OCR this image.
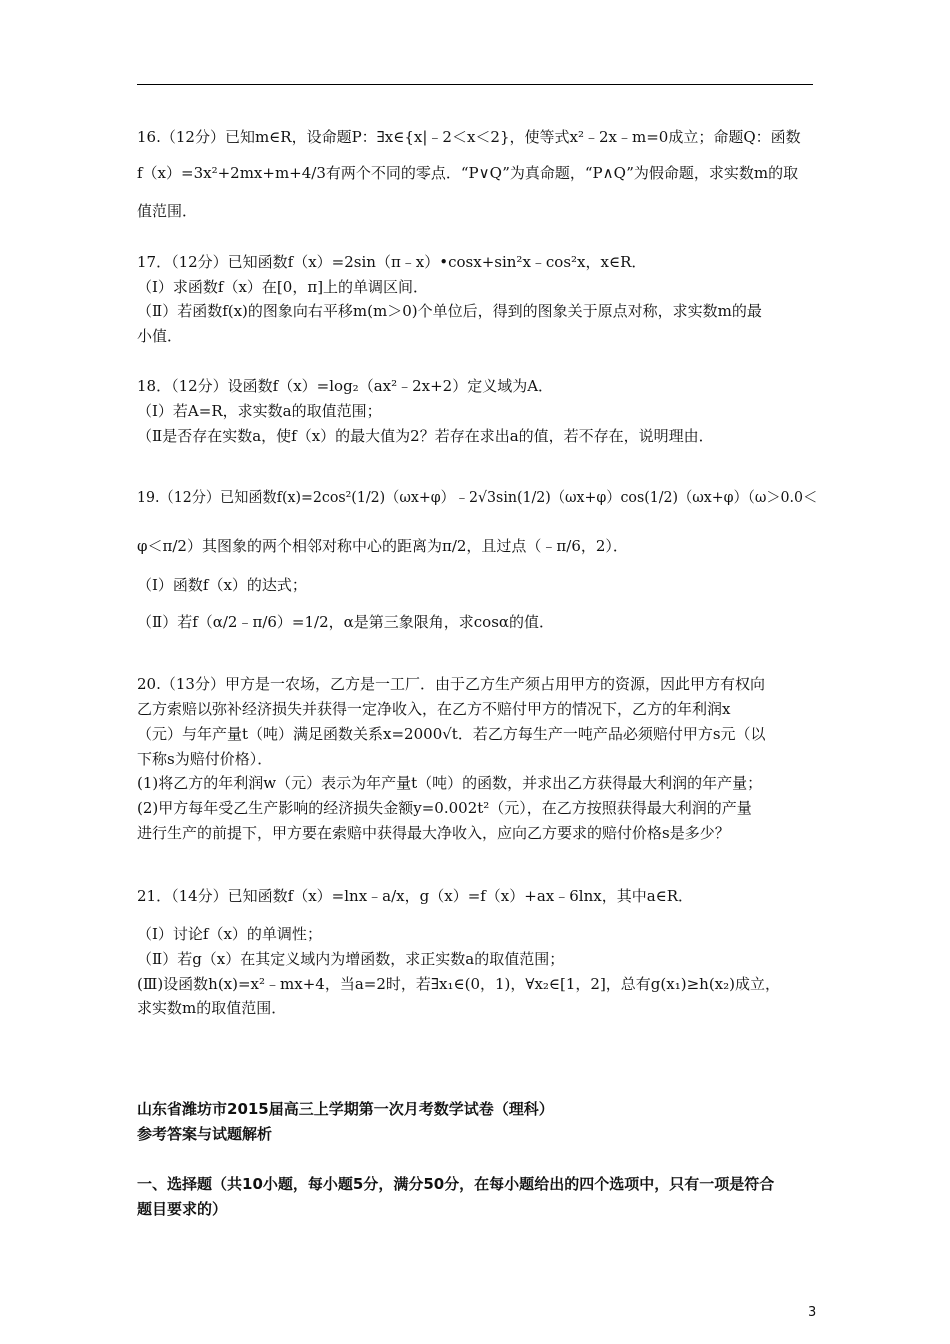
16.（12分）已知m∈R，设命题P：∃x∈{x|﹣2＜x＜2}，使等式x²﹣2x﹣m=0成立；命题Q：函数
f（x）=3x²+2mx+m+4/3有两个不同的零点．“P∨Q”为真命题，“P∧Q”为假命题，求实数m的取
值范围．
17．（12分）已知函数f（x）=2sin（π﹣x）•cosx+sin²x﹣cos²x，x∈R．
（Ⅰ）求函数f（x）在[0，π]上的单调区间．
（Ⅱ）若函数f(x)的图象向右平移m(m＞0)个单位后，得到的图象关于原点对称，求实数m的最
小值．
18．（12分）设函数f（x）=log₂（ax²﹣2x+2）定义域为A．
（Ⅰ）若A=R，求实数a的取值范围；
（Ⅱ是否存在实数a，使f（x）的最大值为2？若存在求出a的值，若不存在，说明理由．
19.（12分）已知函数f(x)=2cos²(1/2)（ωx+φ）﹣2√3sin(1/2)（ωx+φ）cos(1/2)（ωx+φ）（ω＞0.0＜
φ＜π/2）其图象的两个相邻对称中心的距离为π/2，且过点（﹣π/6，2）．
（Ⅰ）函数f（x）的达式；
（Ⅱ）若f（α/2﹣π/6）=1/2，α是第三象限角，求cosα的值．
20.（13分）甲方是一农场，乙方是一工厂．由于乙方生产须占用甲方的资源，因此甲方有权向
乙方索赔以弥补经济损失并获得一定净收入，在乙方不赔付甲方的情况下，乙方的年利润x
（元）与年产量t（吨）满足函数关系x=2000√t．若乙方每生产一吨产品必须赔付甲方s元（以
下称s为赔付价格）．
(1)将乙方的年利润w（元）表示为年产量t（吨）的函数，并求出乙方获得最大利润的年产量；
(2)甲方每年受乙生产影响的经济损失金额y=0.002t²（元），在乙方按照获得最大利润的产量
进行生产的前提下，甲方要在索赔中获得最大净收入，应向乙方要求的赔付价格s是多少？
21．（14分）已知函数f（x）=lnx﹣a/x，g（x）=f（x）+ax﹣6lnx，其中a∈R．
（Ⅰ）讨论f（x）的单调性；
（Ⅱ）若g（x）在其定义域内为增函数，求正实数a的取值范围；
(Ⅲ)设函数h(x)=x²﹣mx+4，当a=2时，若∃x₁∈(0，1)，∀x₂∈[1，2]，总有g(x₁)≥h(x₂)成立，
求实数m的取值范围．
山东省潍坊市2015届高三上学期第一次月考数学试卷（理科）
参考答案与试题解析
一、选择题（共10小题，每小题5分，满分50分，在每小题给出的四个选项中，只有一项是符合
题目要求的）
3
